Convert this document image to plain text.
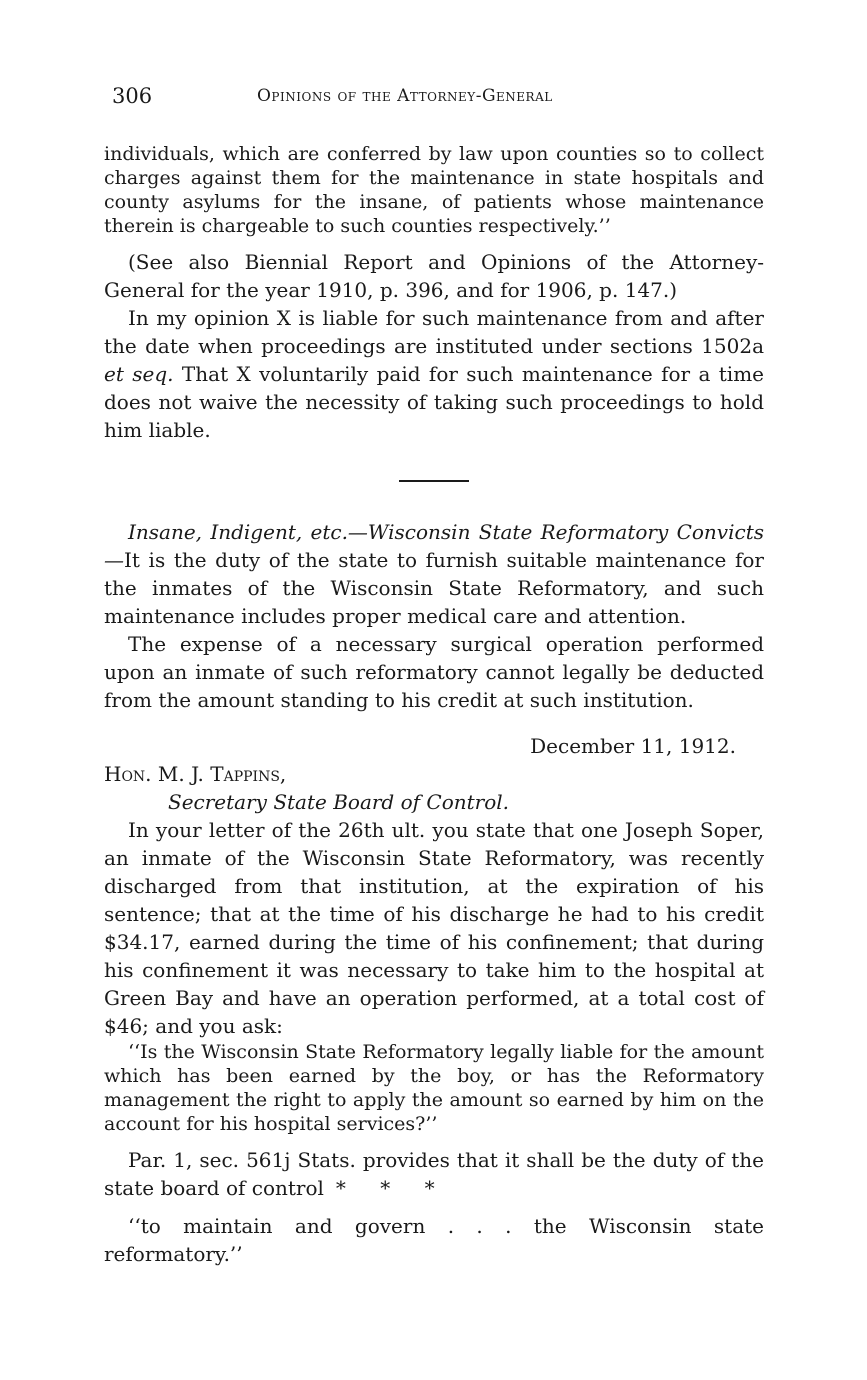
306	Opinions of the Attorney-General

individuals, which are conferred by law upon counties so to collect charges against them for the maintenance in state hospitals and county asylums for the insane, of patients whose maintenance therein is chargeable to such counties respectively.’’

(See also Biennial Report and Opinions of the Attorney-General for the year 1910, p. 396, and for 1906, p. 147.)

In my opinion X is liable for such maintenance from and after the date when proceedings are instituted under sections 1502a et seq. That X voluntarily paid for such maintenance for a time does not waive the necessity of taking such proceedings to hold him liable.

Insane, Indigent, etc.—Wisconsin State Reformatory Convicts—It is the duty of the state to furnish suitable maintenance for the inmates of the Wisconsin State Reformatory, and such maintenance includes proper medical care and attention.

The expense of a necessary surgical operation performed upon an inmate of such reformatory cannot legally be deducted from the amount standing to his credit at such institution.

December 11, 1912.

Hon. M. J. Tappins,

Secretary State Board of Control.

In your letter of the 26th ult. you state that one Joseph Soper, an inmate of the Wisconsin State Reformatory, was recently discharged from that institution, at the expiration of his sentence; that at the time of his discharge he had to his credit $34.17, earned during the time of his confinement; that during his confinement it was necessary to take him to the hospital at Green Bay and have an operation performed, at a total cost of $46; and you ask:

‘‘Is the Wisconsin State Reformatory legally liable for the amount which has been earned by the boy, or has the Reformatory management the right to apply the amount so earned by him on the account for his hospital services?’’

Par. 1, sec. 561j Stats. provides that it shall be the duty of the state board of control * * *

‘‘to maintain and govern . . . the Wisconsin state reformatory.’’
